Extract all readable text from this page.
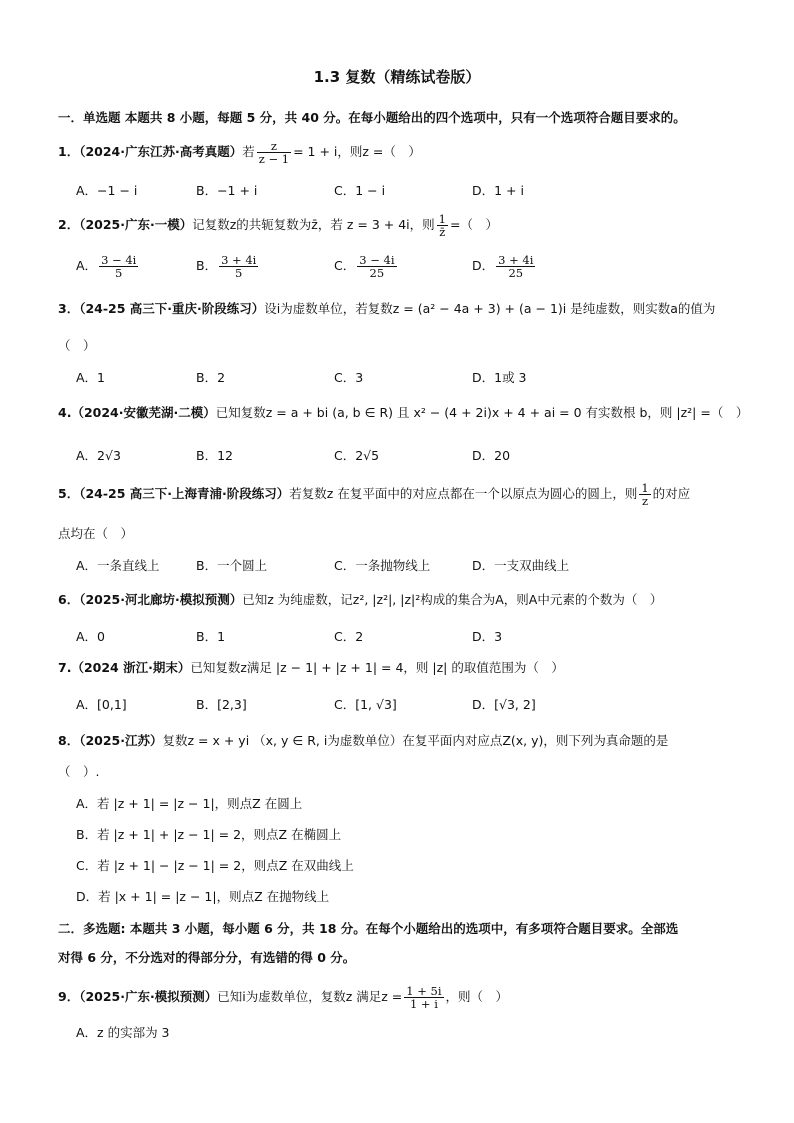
1.3 复数（精练试卷版）
一．单选题 本题共 8 小题，每题 5 分，共 40 分。在每小题给出的四个选项中，只有一个选项符合题目要求的。
1．（2024·广东江苏·高考真题）若 $\frac{z}{z - 1} = 1 + i$，则z =（　）
A．−1 − i	B．−1 + i	C．1 − i	D．1 + i
2．（2025·广东·一模）记复数z的共轭复数为z̄，若 z = 3 + 4i，则 $\frac{1}{z̄}$ =（　）
A． $\frac{3 - 4i}{5}$	B． $\frac{3 + 4i}{5}$	C． $\frac{3 - 4i}{25}$	D． $\frac{3 + 4i}{25}$
3．（24-25 高三下·重庆·阶段练习）设i为虚数单位，若复数z = (a² − 4a + 3) + (a − 1)i 是纯虚数，则实数a的值为
（　）
A．1	B．2	C．3	D．1或 3
4.（2024·安徽芜湖·二模）已知复数z = a + bi (a, b ∈ R) 且 x² − (4 + 2i)x + 4 + ai = 0 有实数根 b，则 |z²| =（　）
A．2√3	B．12	C．2√5	D．20
5．（24-25 高三下·上海青浦·阶段练习）若复数z 在复平面中的对应点都在一个以原点为圆心的圆上，则 $\frac{1}{z}$ 的对应
点均在（　）
A．一条直线上	B．一个圆上	C．一条抛物线上	D．一支双曲线上
6．（2025·河北廊坊·模拟预测）已知z 为纯虚数，记z², |z²|, |z|²构成的集合为A，则A中元素的个数为（　）
A．0	B．1	C．2	D．3
7.（2024 浙江·期末）已知复数z满足 |z − 1| + |z + 1| = 4，则 |z| 的取值范围为（　）
A．[0,1]	B．[2,3]	C．[1, √3]	D．[√3, 2]
8．（2025·江苏）复数z = x + yi （x, y ∈ R, i为虚数单位）在复平面内对应点Z(x, y)，则下列为真命题的是
（　）.
A．若 |z + 1| = |z − 1|，则点Z 在圆上
B．若 |z + 1| + |z − 1| = 2，则点Z 在椭圆上
C．若 |z + 1| − |z − 1| = 2，则点Z 在双曲线上
D．若 |x + 1| = |z − 1|，则点Z 在抛物线上
二．多选题: 本题共 3 小题，每小题 6 分，共 18 分。在每个小题给出的选项中，有多项符合题目要求。全部选
对得 6 分，不分选对的得部分分，有选错的得 0 分。
9．（2025·广东·模拟预测）已知i为虚数单位，复数z 满足$z = \frac{1 + 5i}{1 + i}$ ，则（　）
A．z 的实部为 3
